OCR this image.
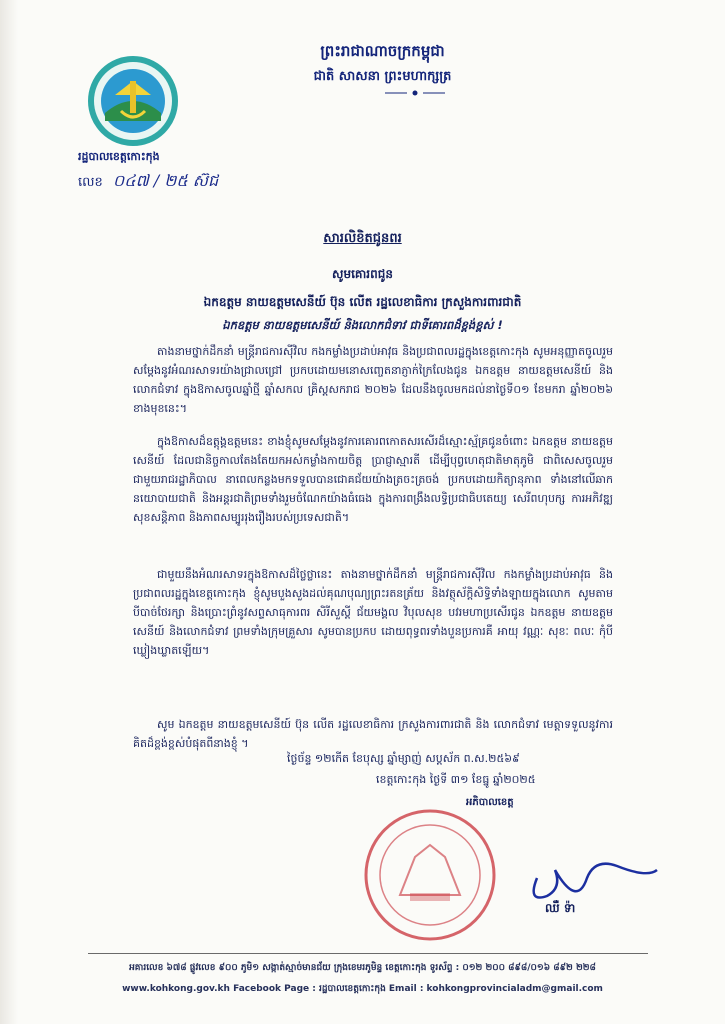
ព្រះរាជាណាចក្រកម្ពុជា
ជាតិ សាសនា ព្រះមហាក្សត្រ
រដ្ឋបាលខេត្តកោះកុង
លេខ ០៤៧ / ២៥ ស៊ជ
សារលិខិតជូនពរ
សូមគោរពជូន
ឯកឧត្តម នាយឧត្តមសេនីយ៍ ប៊ុន លើត រដ្ឋលេខាធិការ ក្រសួងការពារជាតិ
ឯកឧត្តម នាយឧត្តមសេនីយ៍ និងលោកជំទាវ ជាទីគោរពដ៏ខ្ពង់ខ្ពស់ !
តាងនាមថ្នាក់ដឹកនាំ មន្ត្រីរាជការស៊ីវិល កងកម្លាំងប្រដាប់អាវុធ និងប្រជាពលរដ្ឋក្នុងខេត្តកោះកុង សូមអនុញ្ញាតចូលរួមសម្តែងនូវអំណរសាទរយ៉ាងជ្រាលជ្រៅ ប្រកបដោយមនោសញ្ចេតនាភ្ញាក់ក្រៃលែងជូន ឯកឧត្តម នាយឧត្តមសេនីយ៍ និងលោកជំទាវ ក្នុងឱកាសចូលឆ្នាំថ្មី ឆ្នាំសកល គ្រិស្តសករាជ ២០២៦ ដែលនឹងចូលមកដល់នាថ្ងៃទី០១ ខែមករា ឆ្នាំ២០២៦ ខាងមុខនេះ។
ក្នុងឱកាសដ៏ឧត្តុង្គឧត្តមនេះ ខាងខ្ញុំសូមសម្តែងនូវការគោរពកោតសរសើរដ៏ស្មោះស្ម័គ្រជូនចំពោះ ឯកឧត្តម នាយឧត្តមសេនីយ៍ ដែលជានិច្ចកាលតែងតែយកអស់កម្លាំងកាយចិត្ត ប្រាជ្ញាស្មារតី ដើម្បីបុព្វហេតុជាតិមាតុភូមិ ជាពិសេសចូលរួមជាមួយរាជរដ្ឋាភិបាល នាពេលកន្លងមកទទួលបានជោគជ័យយ៉ាងត្រចះត្រចង់ ប្រកបដោយកិត្យានុភាព ទាំងនៅលើឆាកនយោបាយជាតិ និងអន្តរជាតិព្រមទាំងរួមចំណែកយ៉ាងធំធេង ក្នុងការពង្រឹងលទ្ធិប្រជាធិបតេយ្យ សេរីពហុបក្ស ការអភិវឌ្ឍ សុខសន្តិភាព និងភាពសម្បូររុងរឿងរបស់ប្រទេសជាតិ។
ជាមួយនឹងអំណរសាទរក្នុងឱកាសដ៏ថ្លៃថ្លានេះ តាងនាមថ្នាក់ដឹកនាំ មន្ត្រីរាជការស៊ីវិល កងកម្លាំងប្រដាប់អាវុធ និងប្រជាពលរដ្ឋក្នុងខេត្តកោះកុង ខ្ញុំសូមបួងសួងដល់គុណបុណ្យព្រះរតនត្រ័យ និងវត្ថុស័ក្តិសិទ្ធិទាំងឡាយក្នុងលោក សូមតាមបីបាច់ថែរក្សា និងប្រោះព្រំនូវសព្ទសាធុការពរ សិរីសួស្តី ជ័យមង្គល វិបុលសុខ បវរមហាប្រសើរជូន ឯកឧត្តម នាយឧត្តមសេនីយ៍ និងលោកជំទាវ ព្រមទាំងក្រុមគ្រួសារ សូមបានប្រកប ដោយពុទ្ធពរទាំងបួនប្រការគឺ អាយុ វណ្ណៈ សុខៈ ពលៈ កុំបីឃ្លៀងឃ្លាតឡើយ។
សូម ឯកឧត្តម នាយឧត្តមសេនីយ៍ ប៊ុន លើត រដ្ឋលេខាធិការ ក្រសួងការពារជាតិ និង លោកជំទាវ មេត្តាទទួលនូវការគិតដ៏ខ្ពង់ខ្ពស់បំផុតពីនាងខ្ញុំ ។
ថ្ងៃច័ន្ទ ១២កើត ខែបុស្ស ឆ្នាំម្សាញ់ សប្តស័ក ព.ស.២៥៦៩
ខេត្តកោះកុង ថ្ងៃទី ៣១ ខែធ្នូ ឆ្នាំ២០២៥
អភិបាលខេត្ត
ឈឺ ទ៉ា
អគារលេខ ៦៧៨ ផ្លូវលេខ ៩០០ ភូមិ១ សង្កាត់ស្មាច់មានជ័យ ក្រុងខេមរភូមិន្ទ ខេត្តកោះកុង ទូរស័ព្ទ : ០១២ ២០០ ៨៩៨/០១៦ ៨៩២ ២២៨
www.kohkong.gov.kh Facebook Page : រដ្ឋបាលខេត្តកោះកុង Email : kohkongprovincialadm@gmail.com
